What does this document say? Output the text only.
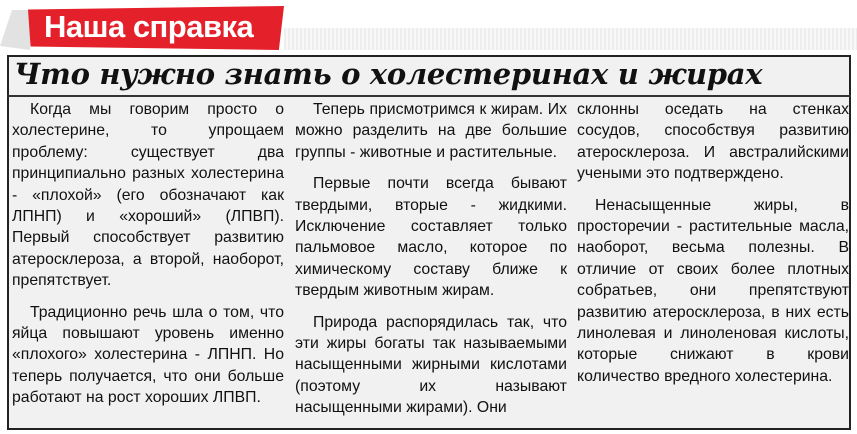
Наша справка
Что нужно знать о холестеринах и жирах

Когда мы говорим просто о холестерине, то упрощаем проблему: существует два принципиально разных холестерина - «плохой» (его обозначают как ЛПНП) и «хороший» (ЛПВП). Первый способствует развитию атеросклероза, а второй, наоборот, препятствует.

Традиционно речь шла о том, что яйца повышают уровень именно «плохого» холестерина - ЛПНП. Но теперь получается, что они больше работают на рост хороших ЛПВП.

Теперь присмотримся к жирам. Их можно разделить на две большие группы - животные и растительные.

Первые почти всегда бывают твердыми, вторые - жидкими. Исключение составляет только пальмовое масло, которое по химическому составу ближе к твердым животным жирам.

Природа распорядилась так, что эти жиры богаты так называемыми насыщенными жирными кислотами (поэтому их называют насыщенными жирами). Они

склонны оседать на стенках сосудов, способствуя развитию атеросклероза. И австралийскими учеными это подтверждено.

Ненасыщенные жиры, в просторечии - растительные масла, наоборот, весьма полезны. В отличие от своих более плотных собратьев, они препятствуют развитию атеросклероза, в них есть линолевая и линоленовая кислоты, которые снижают в крови количество вредного холестерина.
